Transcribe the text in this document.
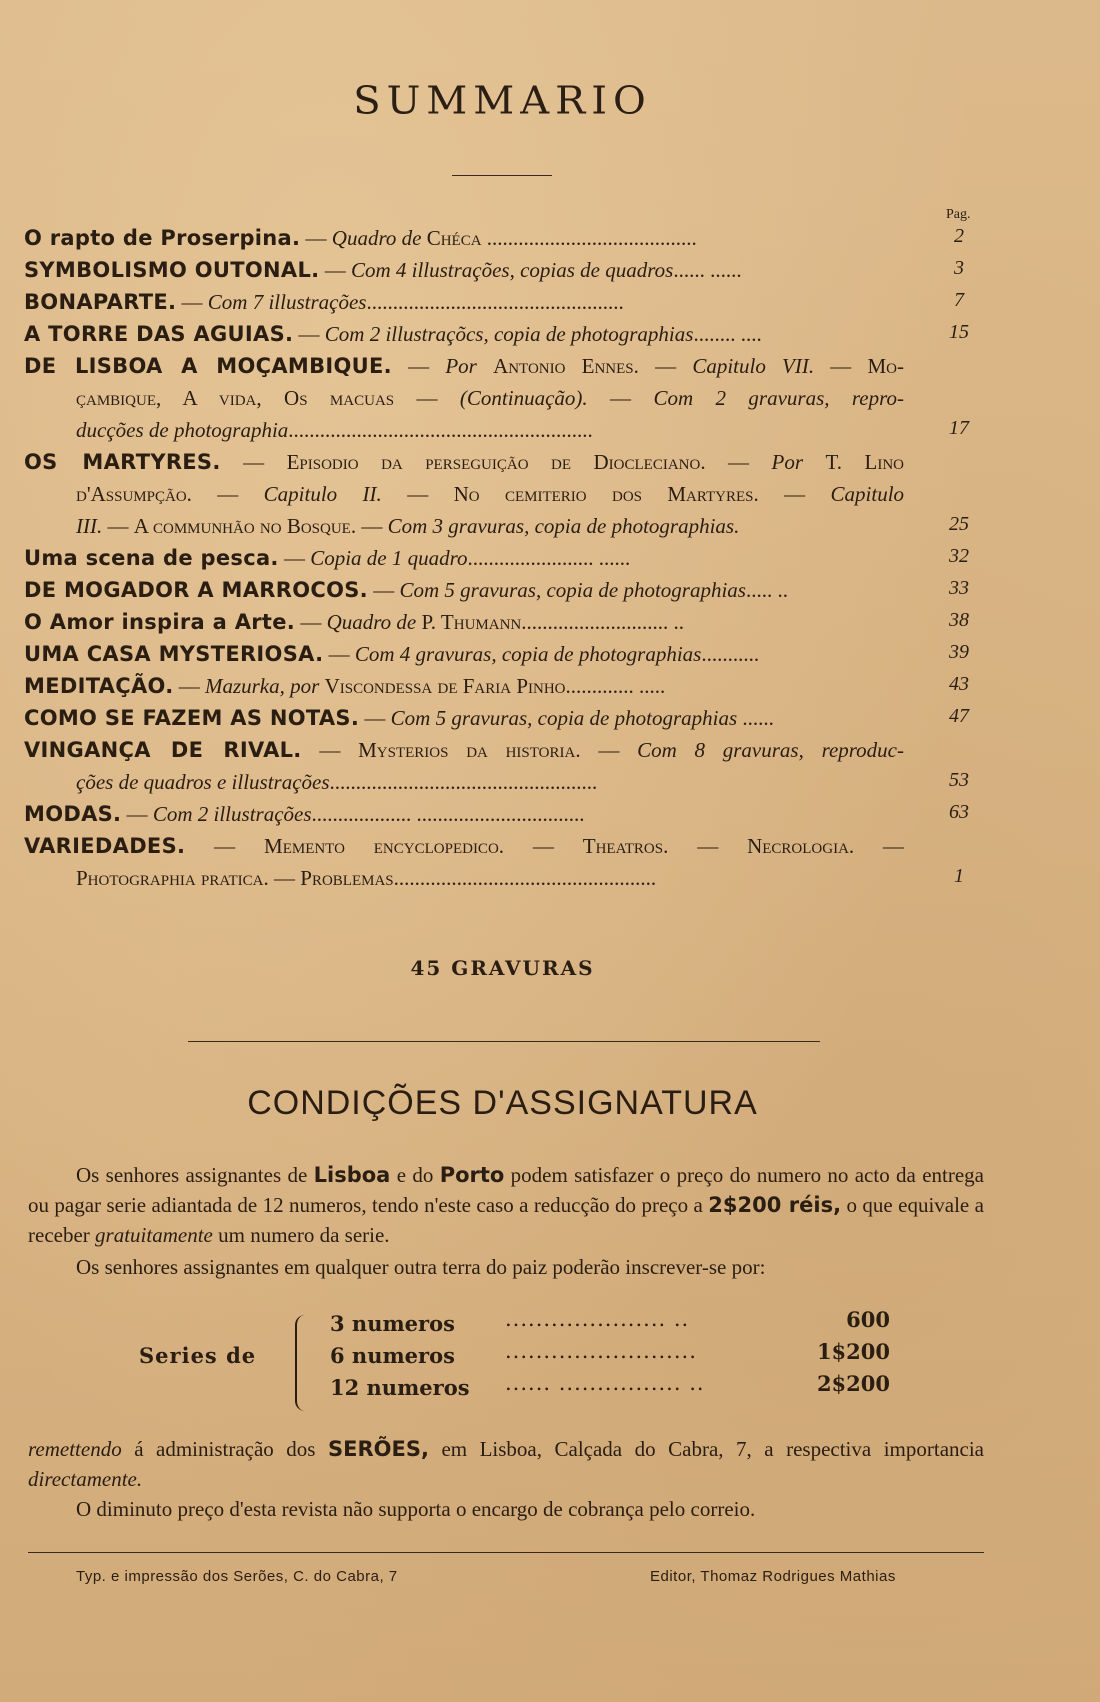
SUMMARIO
Pag.
O rapto de Proserpina. — Quadro de Chéca ........................................	2
SYMBOLISMO OUTONAL. — Com 4 illustrações, copias de quadros...... ......	3
BONAPARTE. — Com 7 illustrações.................................................	7
A TORRE DAS AGUIAS. — Com 2 illustraçõcs, copia de photographias........ ....	15
DE LISBOA A MOÇAMBIQUE. — Por Antonio Ennes. — Capitulo VII. — Mo-
çambique, A vida, Os macuas — (Continuação). — Com 2 gravuras, repro-
ducções de photographia..........................................................	17
OS MARTYRES. — Episodio da perseguição de Diocleciano. — Por T. Lino
d'Assumpção. — Capitulo II. — No cemiterio dos Martyres. — Capitulo
III. — A communhão no Bosque. — Com 3 gravuras, copia de photographias.	25
Uma scena de pesca. — Copia de 1 quadro........................ ......	32
DE MOGADOR A MARROCOS. — Com 5 gravuras, copia de photographias..... ..	33
O Amor inspira a Arte. — Quadro de P. Thumann............................ ..	38
UMA CASA MYSTERIOSA. — Com 4 gravuras, copia de photographias...........	39
MEDITAÇÃO. — Mazurka, por Viscondessa de Faria Pinho............. .....	43
COMO SE FAZEM AS NOTAS. — Com 5 gravuras, copia de photographias ......	47
VINGANÇA DE RIVAL. — Mysterios da historia. — Com 8 gravuras, reproduc-
ções de quadros e illustrações...................................................	53
MODAS. — Com 2 illustrações................... ................................	63
VARIEDADES. — Memento encyclopedico. — Theatros. — Necrologia. —
Photographia pratica. — Problemas..................................................	1
45 GRAVURAS
CONDIÇÕES D'ASSIGNATURA
Os senhores assignantes de Lisboa e do Porto podem satisfazer o preço do numero no acto da entrega ou pagar serie adiantada de 12 numeros, tendo n'este caso a reducção do preço a 2$200 réis, o que equivale a receber gratuitamente um numero da serie.
Os senhores assignantes em qualquer outra terra do paiz poderão inscrever-se por:
Series de
3 numeros ..................... ..	600
6 numeros .........................	1$200
12 numeros ...... ................ ..	2$200
remettendo á administração dos SERÕES, em Lisboa, Calçada do Cabra, 7, a respectiva importancia directamente.
O diminuto preço d'esta revista não supporta o encargo de cobrança pelo correio.
Typ. e impressão dos Serões, C. do Cabra, 7	Editor, Thomaz Rodrigues Mathias
